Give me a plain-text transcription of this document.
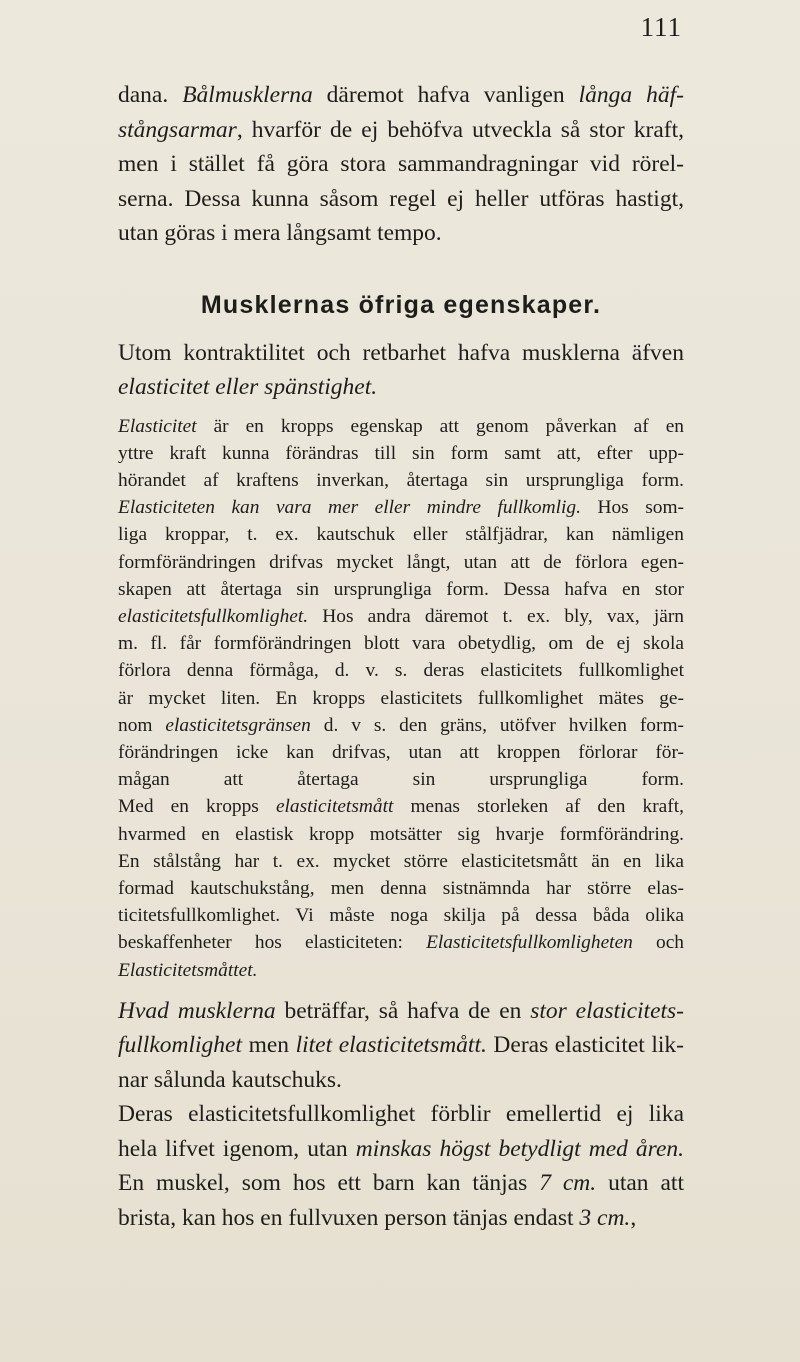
111

dana. Bålmusklerna däremot hafva vanligen långa häf-
stångsarmar, hvarför de ej behöfva utveckla så stor kraft,
men i stället få göra stora sammandragningar vid rörel-
serna. Dessa kunna såsom regel ej heller utföras hastigt,
utan göras i mera långsamt tempo.

Musklernas öfriga egenskaper.

Utom kontraktilitet och retbarhet hafva musklerna äfven
elasticitet eller spänstighet.

Elasticitet är en kropps egenskap att genom påverkan af en
yttre kraft kunna förändras till sin form samt att, efter upp-
hörandet af kraftens inverkan, återtaga sin ursprungliga form.
Elasticiteten kan vara mer eller mindre fullkomlig. Hos som-
liga kroppar, t. ex. kautschuk eller stålfjädrar, kan nämligen
formförändringen drifvas mycket långt, utan att de förlora egen-
skapen att återtaga sin ursprungliga form. Dessa hafva en stor
elasticitetsfullkomlighet. Hos andra däremot t. ex. bly, vax, järn
m. fl. får formförändringen blott vara obetydlig, om de ej skola
förlora denna förmåga, d. v. s. deras elasticitets fullkomlighet
är mycket liten. En kropps elasticitets fullkomlighet mätes ge-
nom elasticitetsgränsen d. v s. den gräns, utöfver hvilken form-
förändringen icke kan drifvas, utan att kroppen förlorar för-
mågan att återtaga sin ursprungliga form.
Med en kropps elasticitetsmått menas storleken af den kraft,
hvarmed en elastisk kropp motsätter sig hvarje formförändring.
En stålstång har t. ex. mycket större elasticitetsmått än en lika
formad kautschukstång, men denna sistnämnda har större elas-
ticitetsfullkomlighet. Vi måste noga skilja på dessa båda olika
beskaffenheter hos elasticiteten: Elasticitetsfullkomligheten och
Elasticitetsmåttet.

Hvad musklerna beträffar, så hafva de en stor elasticitets-
fullkomlighet men litet elasticitetsmått. Deras elasticitet lik-
nar sålunda kautschuks.

Deras elasticitetsfullkomlighet förblir emellertid ej lika
hela lifvet igenom, utan minskas högst betydligt med åren.
En muskel, som hos ett barn kan tänjas 7 cm. utan att
brista, kan hos en fullvuxen person tänjas endast 3 cm.,
